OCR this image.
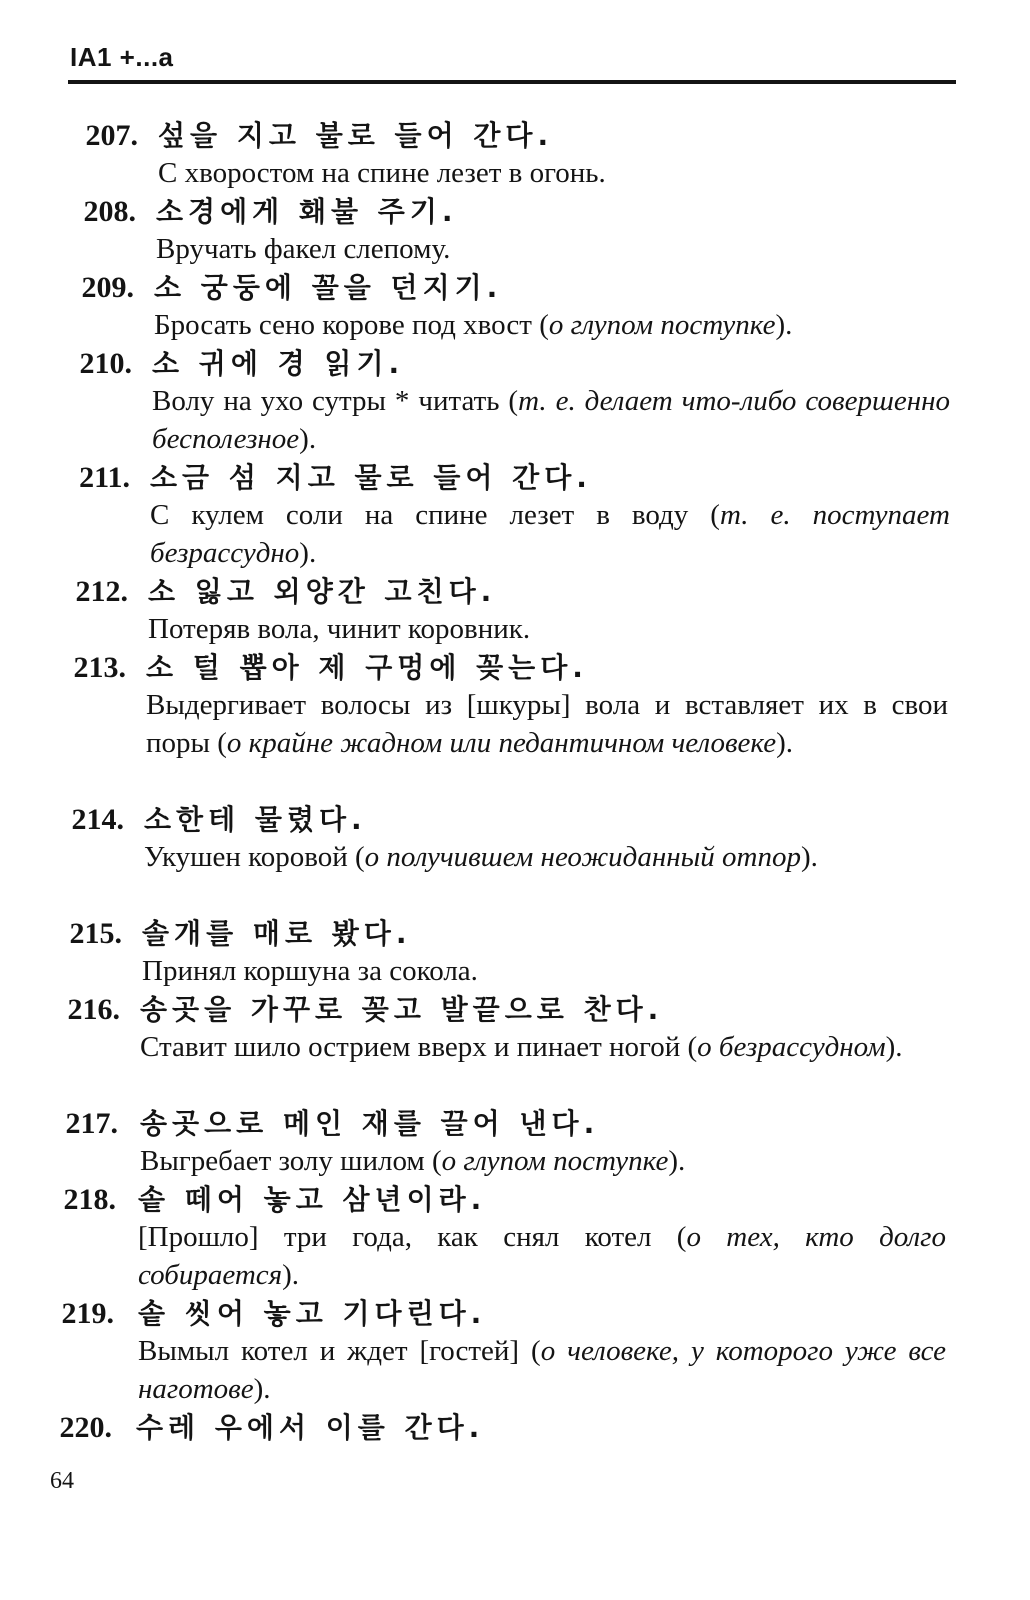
IA1 +...a
207. 섶을 지고 불로 들어 간다.
С хворостом на спине лезет в огонь.
208. 소경에게 홰불 주기.
Вручать факел слепому.
209. 소 궁둥에 꼴을 던지기.
Бросать сено корове под хвост (о глупом поступке).
210. 소 귀에 경 읽기.
Волу на ухо сутры * читать (т. е. делает что-либо совершенно бесполезное).
211. 소금 섬 지고 물로 들어 간다.
С кулем соли на спине лезет в воду (т. е. поступает безрассудно).
212. 소 잃고 외양간 고친다.
Потеряв вола, чинит коровник.
213. 소 털 뽑아 제 구멍에 꽂는다.
Выдергивает волосы из [шкуры] вола и вставляет их в свои поры (о крайне жадном или педантичном человеке).
214. 소한테 물렸다.
Укушен коровой (о получившем неожиданный отпор).
215. 솔개를 매로 봤다.
Принял коршуна за сокола.
216. 송곳을 가꾸로 꽂고 발끝으로 찬다.
Ставит шило острием вверх и пинает ногой (о безрассудном).
217. 송곳으로 메인 재를 끌어 낸다.
Выгребает золу шилом (о глупом поступке).
218. 솥 떼어 놓고 삼년이라.
[Прошло] три года, как снял котел (о тех, кто долго собирается).
219. 솥 씻어 놓고 기다린다.
Вымыл котел и ждет [гостей] (о человеке, у которого уже все наготове).
220. 수레 우에서 이를 간다.
64
